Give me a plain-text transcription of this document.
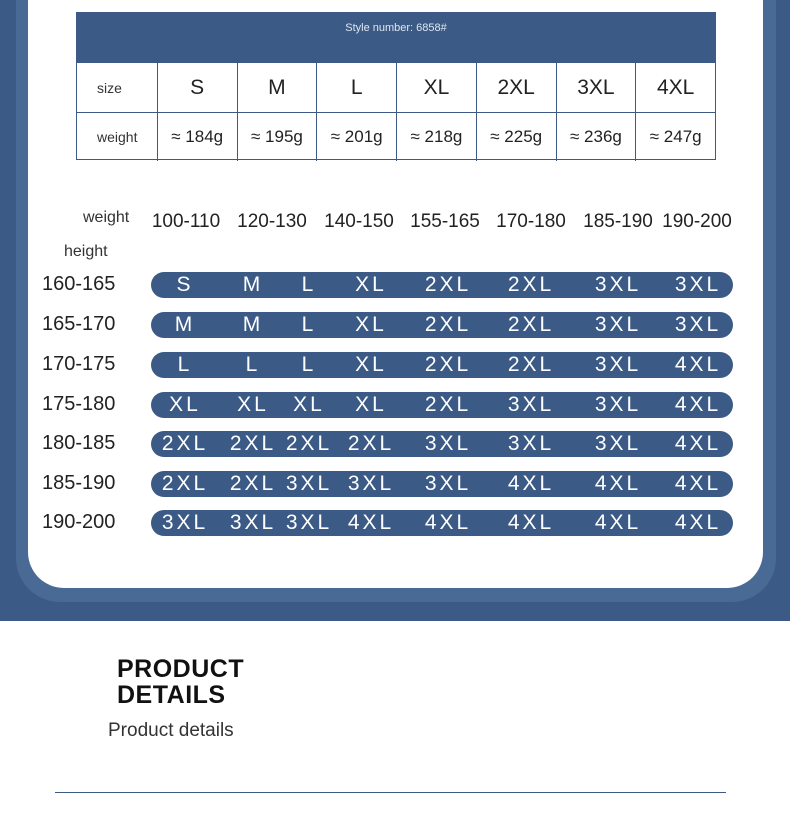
Style number: 6858#
size	S	M	L	XL	2XL	3XL	4XL
weight	≈ 184g	≈ 195g	≈ 201g	≈ 218g	≈ 225g	≈ 236g	≈ 247g
weight
height
100-110 120-130 140-150 155-165 170-180 185-190 190-200
160-165	S	M	L	XL	2XL	2XL	3XL	3XL
165-170	M	M	L	XL	2XL	2XL	3XL	3XL
170-175	L	L	L	XL	2XL	2XL	3XL	4XL
175-180	XL	XL	XL	XL	2XL	3XL	3XL	4XL
180-185	2XL	2XL 2XL 2XL	3XL	3XL	3XL	4XL
185-190	2XL	2XL 3XL 3XL	3XL	4XL	4XL	4XL
190-200	3XL	3XL 3XL 4XL	4XL	4XL	4XL	4XL
PRODUCT
DETAILS
Product details
